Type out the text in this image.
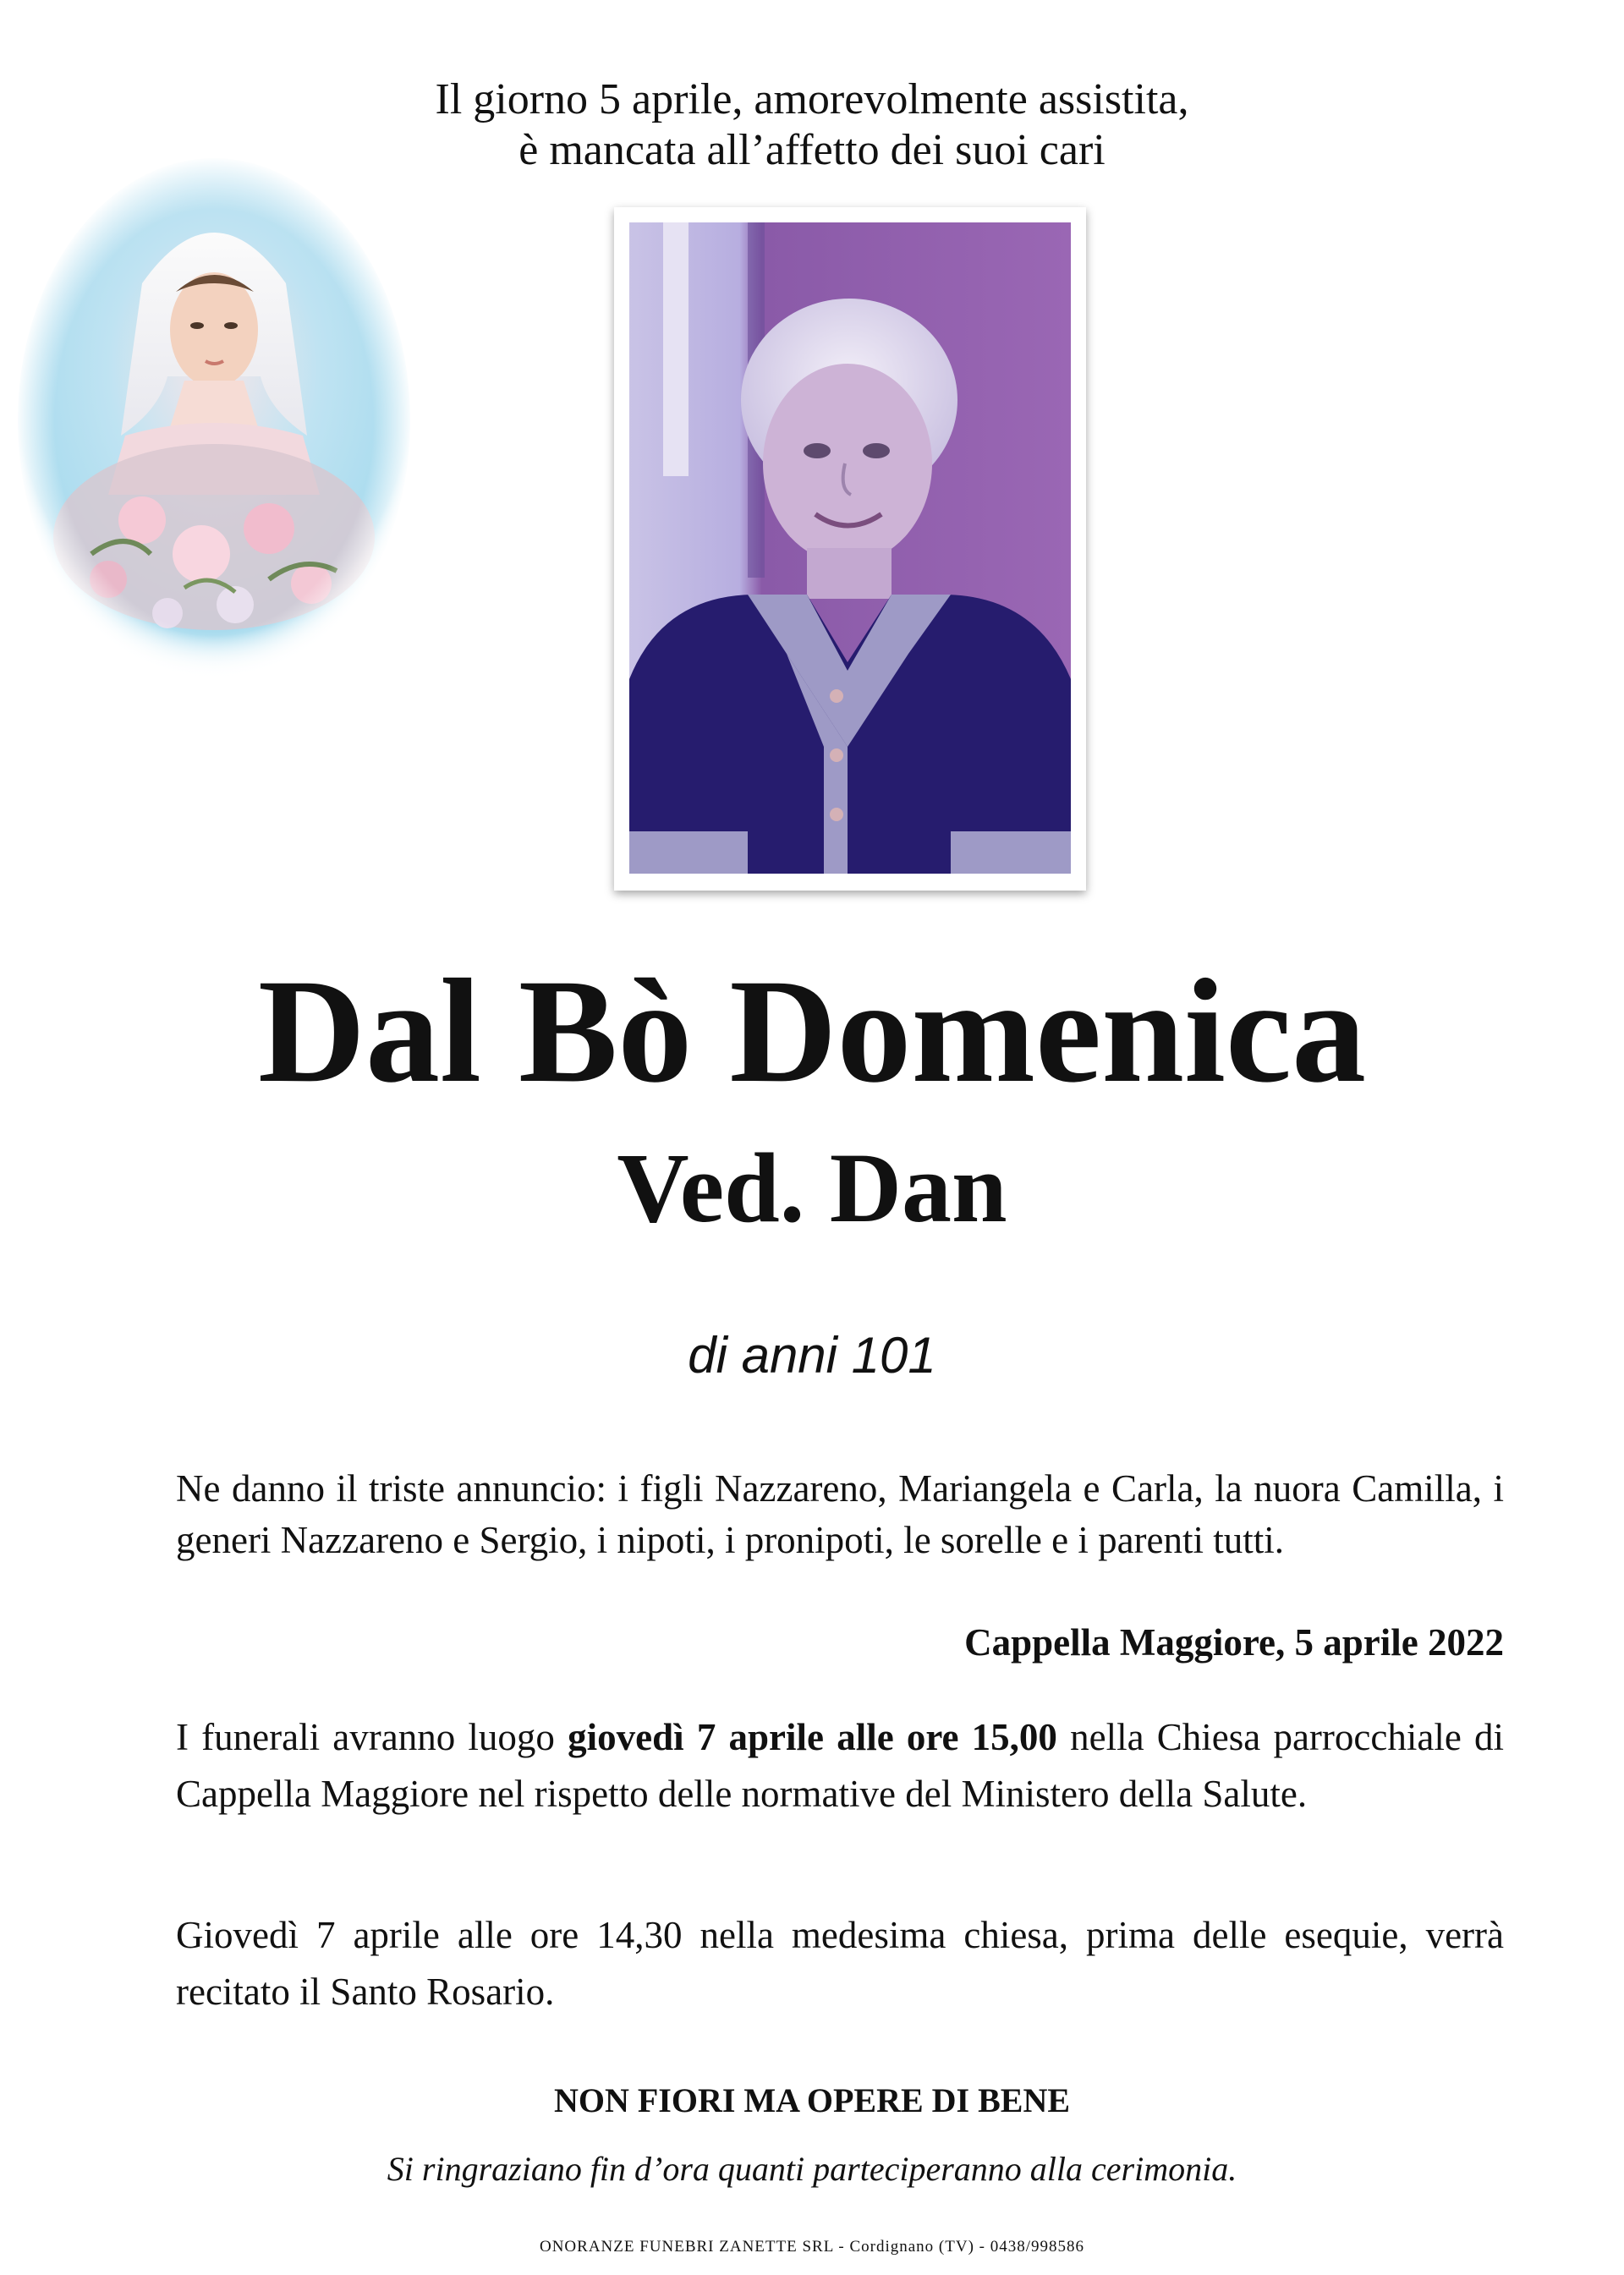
Il giorno 5 aprile, amorevolmente assistita,
è mancata all’affetto dei suoi cari
Dal Bò Domenica
Ved. Dan
di anni 101
Ne danno il triste annuncio: i figli Nazzareno, Mariangela e Carla, la nuora Camilla, i generi Nazzareno e Sergio, i nipoti, i pronipoti, le sorelle e i parenti tutti.
Cappella Maggiore, 5 aprile 2022
I funerali avranno luogo giovedì 7 aprile alle ore 15,00 nella Chiesa parrocchiale di Cappella Maggiore nel rispetto delle normative del Ministero della Salute.
Giovedì 7 aprile alle ore 14,30 nella medesima chiesa, prima delle esequie, verrà recitato il Santo Rosario.
NON FIORI MA OPERE DI BENE
Si ringraziano fin d’ora quanti parteciperanno alla cerimonia.
ONORANZE FUNEBRI ZANETTE SRL - Cordignano (TV) - 0438/998586
